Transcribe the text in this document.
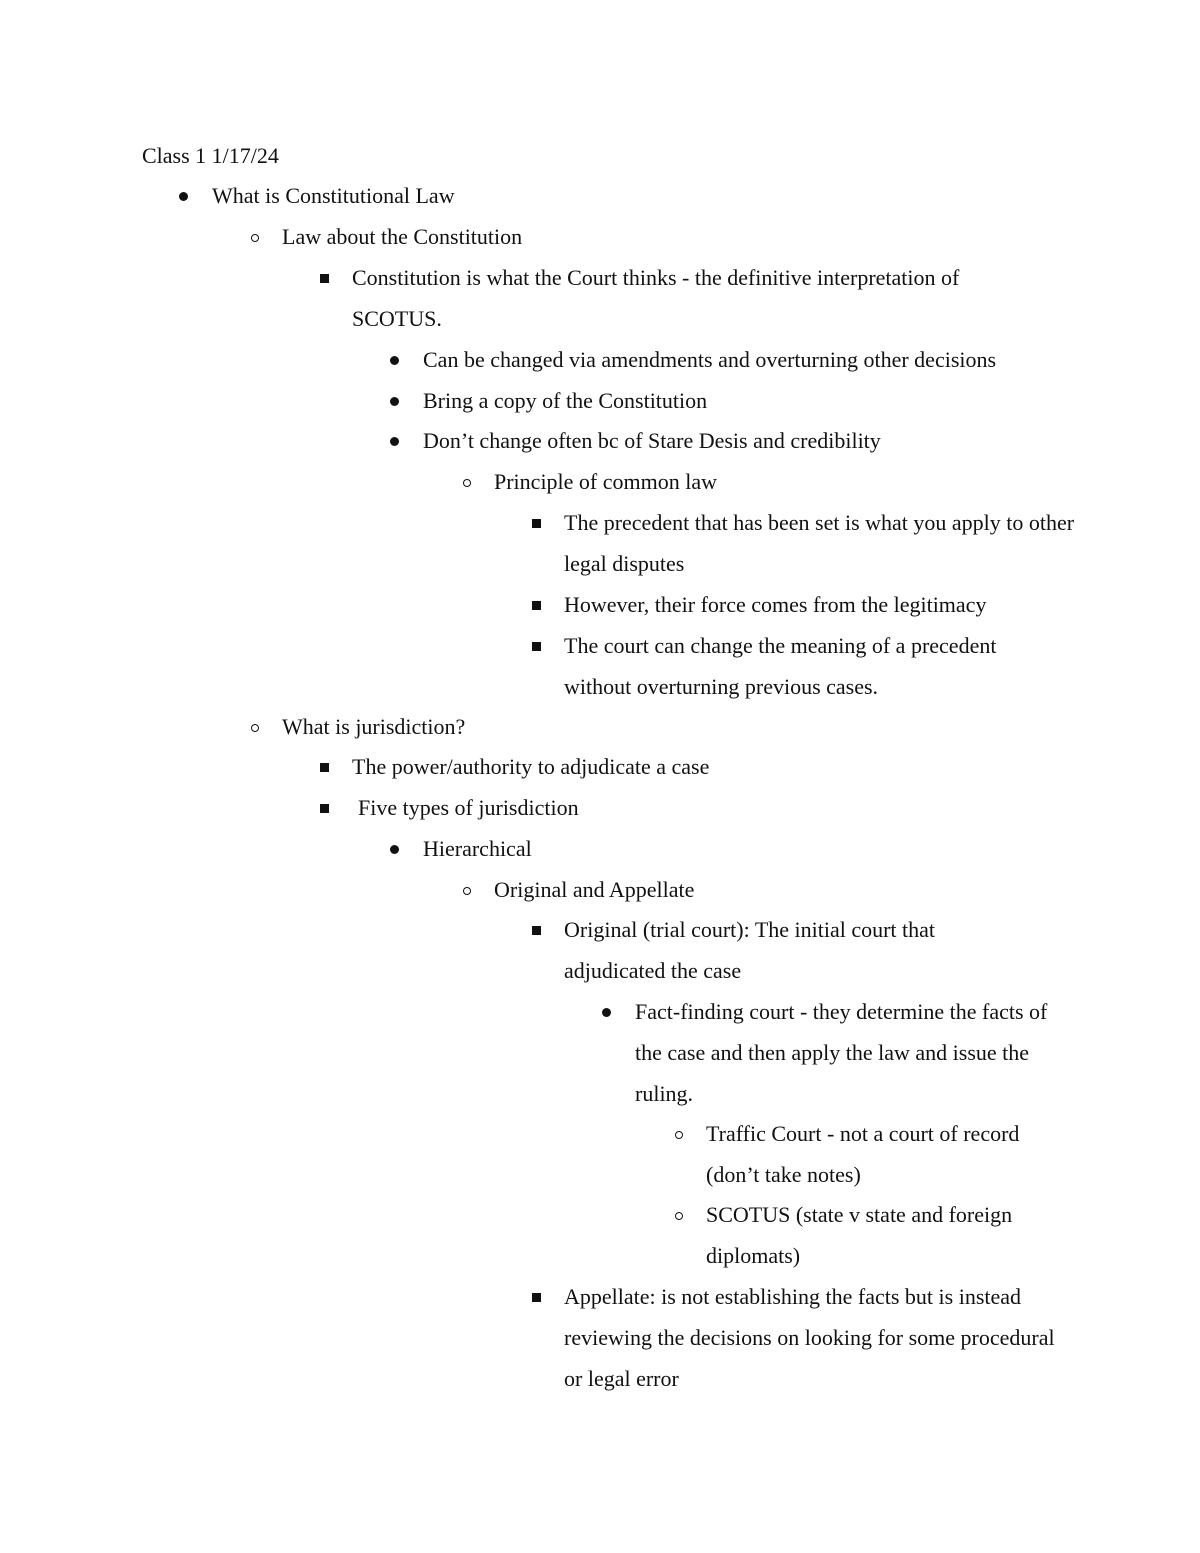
Class 1 1/17/24
What is Constitutional Law
Law about the Constitution
Constitution is what the Court thinks - the definitive interpretation of SCOTUS.
Can be changed via amendments and overturning other decisions
Bring a copy of the Constitution
Don’t change often bc of Stare Desis and credibility
Principle of common law
The precedent that has been set is what you apply to other legal disputes
However, their force comes from the legitimacy
The court can change the meaning of a precedent without overturning previous cases.
What is jurisdiction?
The power/authority to adjudicate a case
Five types of jurisdiction
Hierarchical
Original and Appellate
Original (trial court): The initial court that adjudicated the case
Fact-finding court - they determine the facts of the case and then apply the law and issue the ruling.
Traffic Court - not a court of record (don’t take notes)
SCOTUS (state v state and foreign diplomats)
Appellate: is not establishing the facts but is instead reviewing the decisions on looking for some procedural or legal error
